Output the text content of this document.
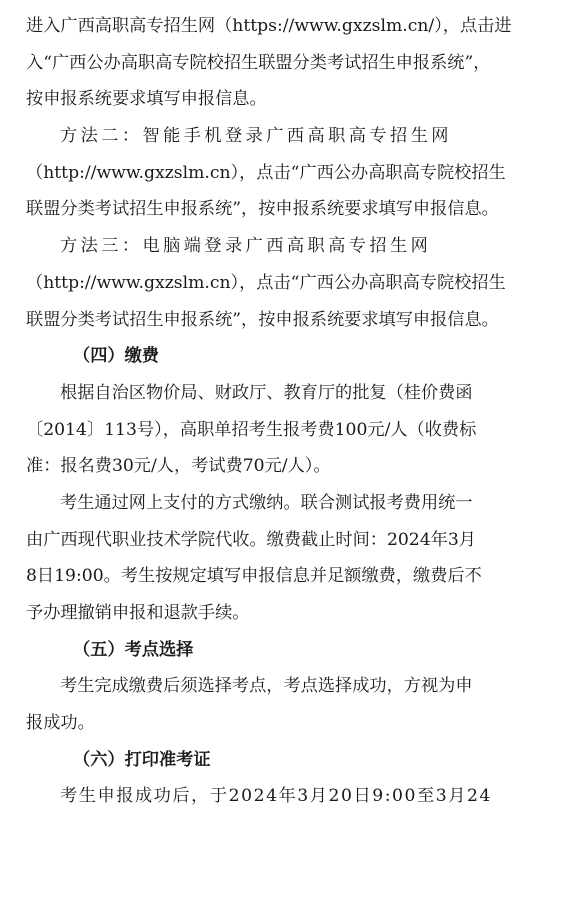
进入广西高职高专招生网（https://www.gxzslm.cn/），点击进
入“广西公办高职高专院校招生联盟分类考试招生申报系统”，
按申报系统要求填写申报信息。
方法二：智能手机登录广西高职高专招生网
（http://www.gxzslm.cn），点击“广西公办高职高专院校招生
联盟分类考试招生申报系统”，按申报系统要求填写申报信息。
方法三：电脑端登录广西高职高专招生网
（http://www.gxzslm.cn），点击“广西公办高职高专院校招生
联盟分类考试招生申报系统”，按申报系统要求填写申报信息。
（四）缴费
根据自治区物价局、财政厅、教育厅的批复（桂价费函
〔2014〕113号），高职单招考生报考费100元/人（收费标
准：报名费30元/人，考试费70元/人）。
考生通过网上支付的方式缴纳。联合测试报考费用统一
由广西现代职业技术学院代收。缴费截止时间：2024年3月
8日19:00。考生按规定填写申报信息并足额缴费，缴费后不
予办理撤销申报和退款手续。
（五）考点选择
考生完成缴费后须选择考点，考点选择成功，方视为申
报成功。
（六）打印准考证
考生申报成功后，于2024年3月20日9:00至3月24
